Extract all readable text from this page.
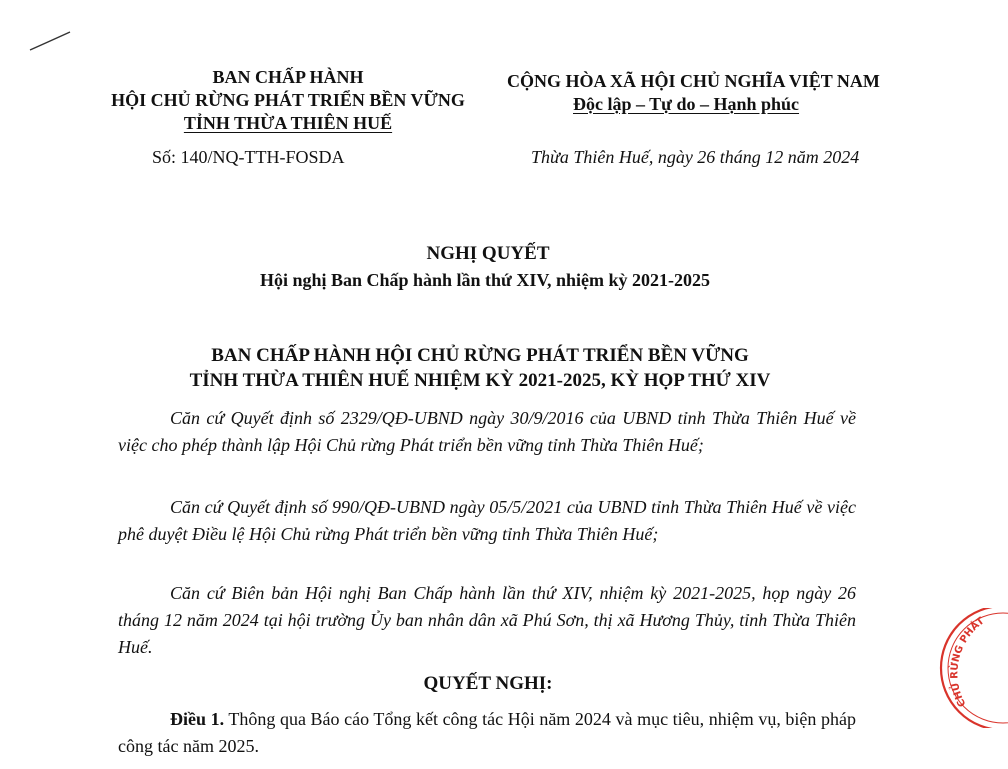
BAN CHẤP HÀNH
HỘI CHỦ RỪNG PHÁT TRIỂN BỀN VỮNG
TỈNH THỪA THIÊN HUẾ
Số: 140/NQ-TTH-FOSDA
CỘNG HÒA XÃ HỘI CHỦ NGHĨA VIỆT NAM
Độc lập – Tự do – Hạnh phúc
Thừa Thiên Huế, ngày 26 tháng 12 năm 2024
NGHỊ QUYẾT
Hội nghị Ban Chấp hành lần thứ XIV, nhiệm kỳ 2021-2025
BAN CHẤP HÀNH HỘI CHỦ RỪNG PHÁT TRIỂN BỀN VỮNG
TỈNH THỪA THIÊN HUẾ NHIỆM KỲ 2021-2025, KỲ HỌP THỨ XIV
Căn cứ Quyết định số 2329/QĐ-UBND ngày 30/9/2016 của UBND tỉnh Thừa Thiên Huế về việc cho phép thành lập Hội Chủ rừng Phát triển bền vững tỉnh Thừa Thiên Huế;
Căn cứ Quyết định số 990/QĐ-UBND ngày 05/5/2021 của UBND tỉnh Thừa Thiên Huế về việc phê duyệt Điều lệ Hội Chủ rừng Phát triển bền vững tỉnh Thừa Thiên Huế;
Căn cứ Biên bản Hội nghị Ban Chấp hành lần thứ XIV, nhiệm kỳ 2021-2025, họp ngày 26 tháng 12 năm 2024 tại hội trường Ủy ban nhân dân xã Phú Sơn, thị xã Hương Thủy, tỉnh Thừa Thiên Huế.
QUYẾT NGHỊ:
Điều 1. Thông qua Báo cáo Tổng kết công tác Hội năm 2024 và mục tiêu, nhiệm vụ, biện pháp công tác năm 2025.
CHỦ RỪNG PHÁT
